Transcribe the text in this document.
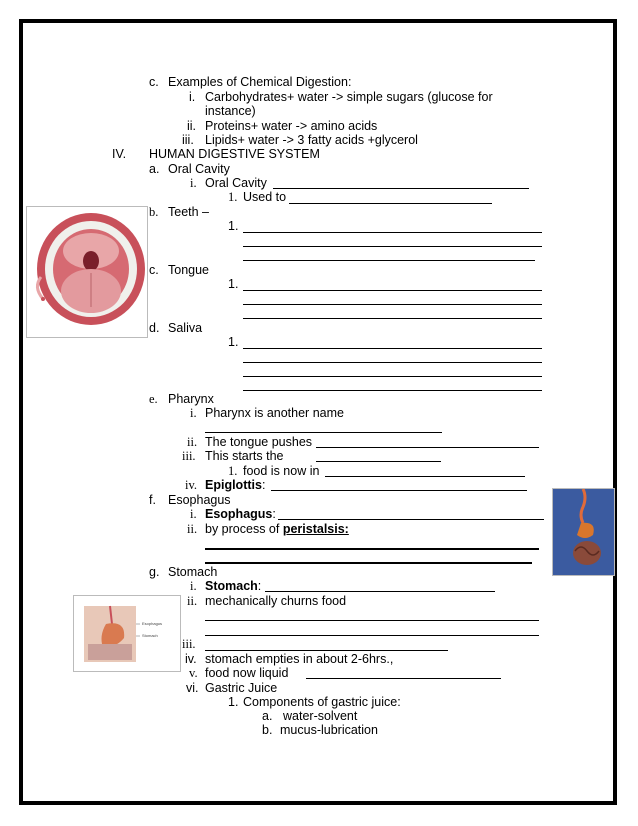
c. Examples of Chemical Digestion:
i. Carbohydrates+ water -> simple sugars (glucose for
instance)
ii. Proteins+ water -> amino acids
iii. Lipids+ water -> 3 fatty acids +glycerol
IV. HUMAN DIGESTIVE SYSTEM
a. Oral Cavity
i. Oral Cavity
1. Used to
b. Teeth –
1.
c. Tongue
1.
d. Saliva
1.
e. Pharynx
i. Pharynx is another name
ii. The tongue pushes
iii. This starts the
1. food is now in
iv. Epiglottis:
f. Esophagus
i. Esophagus:
ii. by process of peristalsis:
g. Stomach
i. Stomach:
ii. mechanically churns food
iii.
iv. stomach empties in about 2-6hrs.,
v. food now liquid
vi. Gastric Juice
1. Components of gastric juice:
a. water-solvent
b. mucus-lubrication
Esophagus
Stomach
